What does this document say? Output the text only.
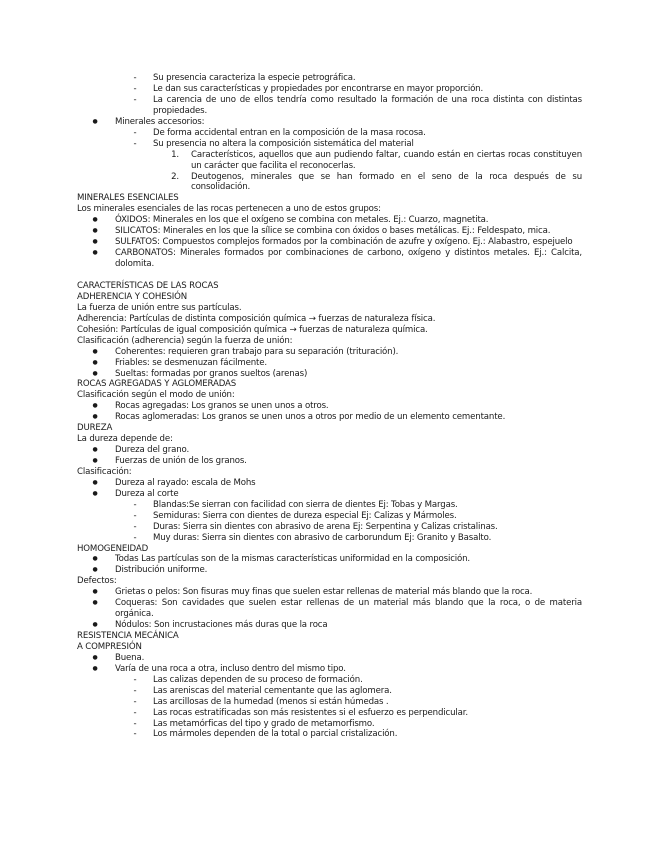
-	Su presencia caracteriza la especie petrográfica.
-	Le dan sus características y propiedades por encontrarse en mayor proporción.
-	La carencia de uno de ellos tendría como resultado la formación de una roca distinta con distintas propiedades.
●	Minerales accesorios:
-	De forma accidental entran en la composición de la masa rocosa.
-	Su presencia no altera la composición sistemática del material
1. Característicos, aquellos que aun pudiendo faltar, cuando están en ciertas rocas constituyen un carácter que facilita el reconocerlas.
2. Deutogenos, minerales que se han formado en el seno de la roca después de su consolidación.
MINERALES ESENCIALES
Los minerales esenciales de las rocas pertenecen a uno de estos grupos:
●	ÓXIDOS: Minerales en los que el oxígeno se combina con metales. Ej.: Cuarzo, magnetita.
●	SILICATOS: Minerales en los que la sílice se combina con óxidos o bases metálicas. Ej.: Feldespato, mica.
●	SULFATOS: Compuestos complejos formados por la combinación de azufre y oxígeno. Ej.: Alabastro, espejuelo
●	CARBONATOS: Minerales formados por combinaciones de carbono, oxígeno y distintos metales. Ej.: Calcita, dolomita.
CARACTERÍSTICAS DE LAS ROCAS
ADHERENCIA Y COHESIÓN
La fuerza de unión entre sus partículas.
Adherencia: Partículas de distinta composición química → fuerzas de naturaleza física.
Cohesión: Partículas de igual composición química → fuerzas de naturaleza química.
Clasificación (adherencia) según la fuerza de unión:
●	Coherentes: requieren gran trabajo para su separación (trituración).
●	Friables: se desmenuzan fácilmente.
●	Sueltas: formadas por granos sueltos (arenas)
ROCAS AGREGADAS Y AGLOMERADAS
Clasificación según el modo de unión:
●	Rocas agregadas: Los granos se unen unos a otros.
●	Rocas aglomeradas: Los granos se unen unos a otros por medio de un elemento cementante.
DUREZA
La dureza depende de:
●	Dureza del grano.
●	Fuerzas de unión de los granos.
Clasificación:
●	Dureza al rayado: escala de Mohs
●	Dureza al corte
-	Blandas:Se sierran con facilidad con sierra de dientes Ej: Tobas y Margas.
-	Semiduras: Sierra con dientes de dureza especial Ej: Calizas y Mármoles.
-	Duras: Sierra sin dientes con abrasivo de arena Ej: Serpentina y Calizas cristalinas.
-	Muy duras: Sierra sin dientes con abrasivo de carborundum Ej: Granito y Basalto.
HOMOGENEIDAD
●	Todas Las partículas son de la mismas características uniformidad en la composición.
●	Distribución uniforme.
Defectos:
●	Grietas o pelos: Son fisuras muy finas que suelen estar rellenas de material más blando que la roca.
●	Coqueras: Son cavidades que suelen estar rellenas de un material más blando que la roca, o de materia orgánica.
●	Nódulos: Son incrustaciones más duras que la roca
RESISTENCIA MECÁNICA
A COMPRESIÓN
●	Buena.
●	Varía de una roca a otra, incluso dentro del mismo tipo.
-	Las calizas dependen de su proceso de formación.
-	Las areniscas del material cementante que las aglomera.
-	Las arcillosas de la humedad (menos si están húmedas .
-	Las rocas estratificadas son más resistentes si el esfuerzo es perpendicular.
-	Las metamórficas del tipo y grado de metamorfismo.
-	Los mármoles dependen de la total o parcial cristalización.
